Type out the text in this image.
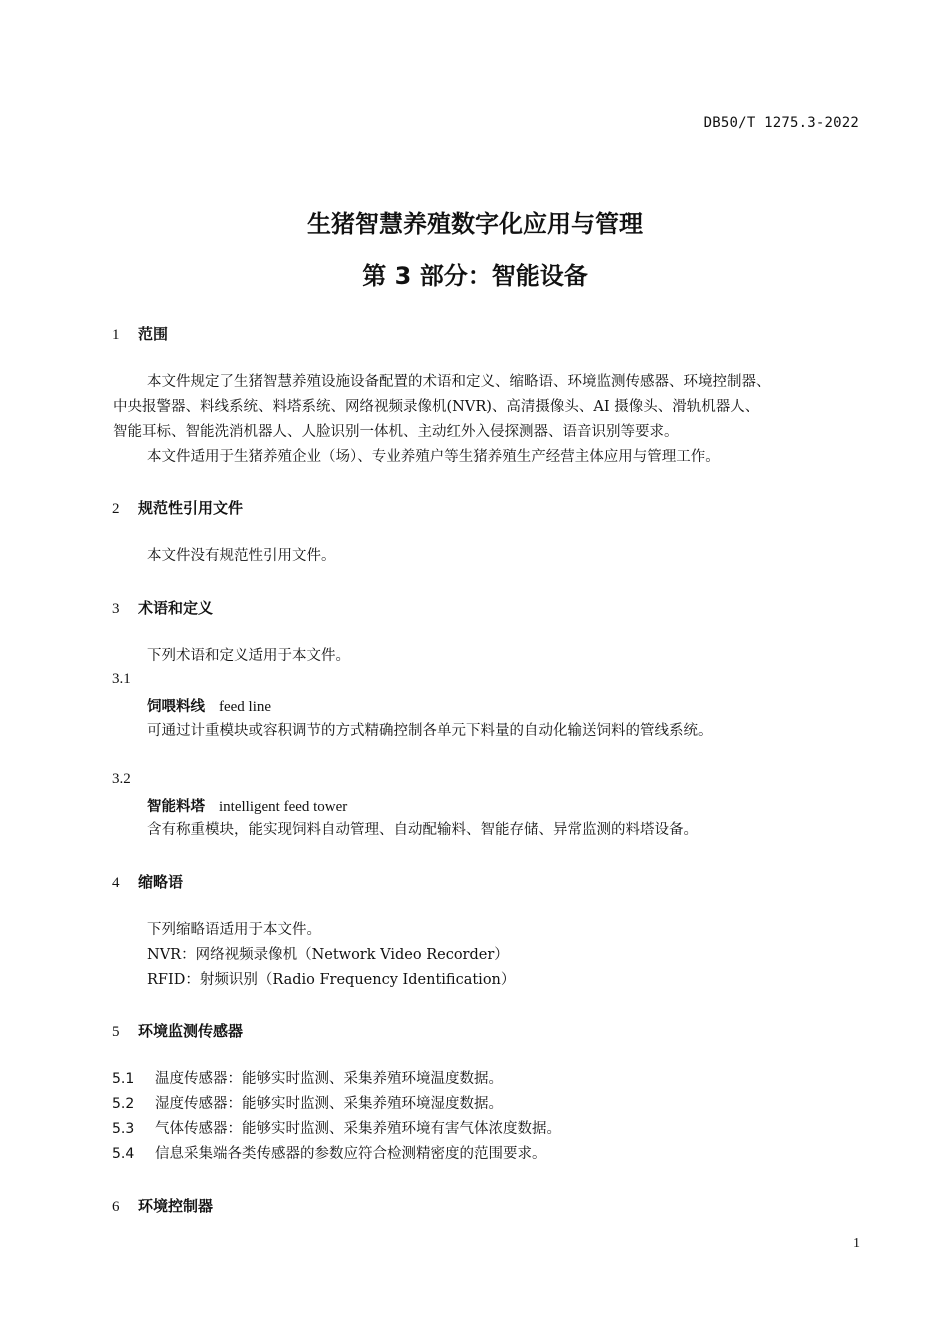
DB50/T 1275.3-2022
生猪智慧养殖数字化应用与管理
第 3 部分：智能设备
1 范围
本文件规定了生猪智慧养殖设施设备配置的术语和定义、缩略语、环境监测传感器、环境控制器、
中央报警器、料线系统、料塔系统、网络视频录像机(NVR)、高清摄像头、AI 摄像头、滑轨机器人、
智能耳标、智能洗消机器人、人脸识别一体机、主动红外入侵探测器、语音识别等要求。
本文件适用于生猪养殖企业（场）、专业养殖户等生猪养殖生产经营主体应用与管理工作。
2 规范性引用文件
本文件没有规范性引用文件。
3 术语和定义
下列术语和定义适用于本文件。
3.1
饲喂料线 feed line
可通过计重模块或容积调节的方式精确控制各单元下料量的自动化输送饲料的管线系统。
3.2
智能料塔 intelligent feed tower
含有称重模块，能实现饲料自动管理、自动配输料、智能存储、异常监测的料塔设备。
4 缩略语
下列缩略语适用于本文件。
NVR：网络视频录像机（Network Video Recorder）
RFID：射频识别（Radio Frequency Identification）
5 环境监测传感器
5.1 温度传感器：能够实时监测、采集养殖环境温度数据。
5.2 湿度传感器：能够实时监测、采集养殖环境湿度数据。
5.3 气体传感器：能够实时监测、采集养殖环境有害气体浓度数据。
5.4 信息采集端各类传感器的参数应符合检测精密度的范围要求。
6 环境控制器
1
